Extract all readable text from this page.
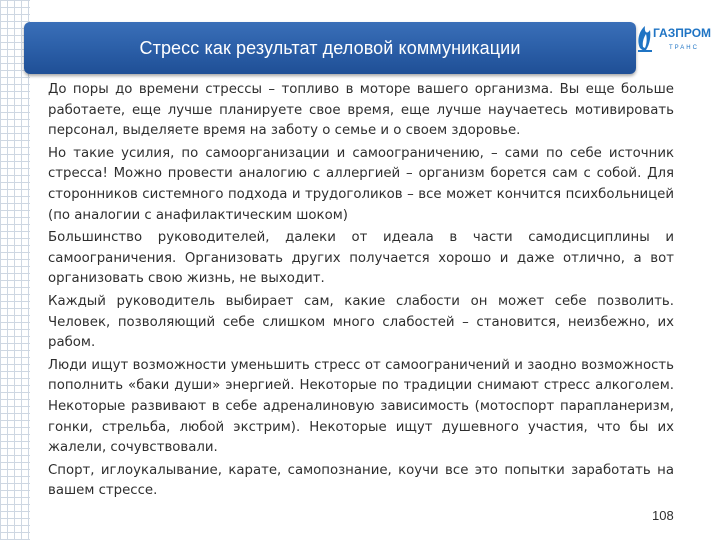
Стресс как результат деловой коммуникации
ГАЗПРОМ
ТРАНС

До поры до времени стрессы – топливо в моторе вашего организма. Вы еще больше работаете, еще лучше планируете свое время, еще лучше научаетесь мотивировать персонал, выделяете время на заботу о семье и о своем здоровье.

Но такие усилия, по самоорганизации и самоограничению, – сами по себе источник стресса! Можно провести аналогию с аллергией – организм борется сам с собой. Для сторонников системного подхода и трудоголиков – все может кончится психбольницей (по аналогии с анафилактическим шоком)

Большинство руководителей, далеки от идеала в части самодисциплины и самоограничения. Организовать других получается хорошо и даже отлично, а вот организовать свою жизнь, не выходит.

Каждый руководитель выбирает сам, какие слабости он может себе позволить. Человек, позволяющий себе слишком много слабостей – становится, неизбежно, их рабом.

Люди ищут возможности уменьшить стресс от самоограничений и заодно возможность пополнить «баки души» энергией. Некоторые по традиции снимают стресс алкоголем. Некоторые развивают в себе адреналиновую зависимость (мотоспорт парапланеризм, гонки, стрельба, любой экстрим). Некоторые ищут душевного участия, что бы их жалели, сочувствовали.

Спорт, иглоукалывание, карате, самопознание, коучи все это попытки заработать на вашем стрессе.

108
